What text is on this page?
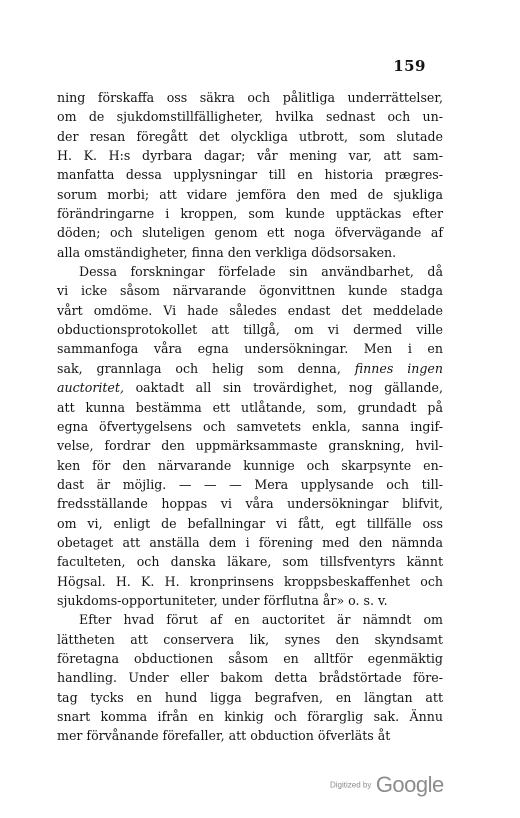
159
ning förskaffa oss säkra och pålitliga underrättelser,
om de sjukdomstillfälligheter, hvilka sednast och un-
der resan föregått det olyckliga utbrott, som slutade
H. K. H:s dyrbara dagar; vår mening var, att sam-
manfatta dessa upplysningar till en historia prægres-
sorum morbi; att vidare jemföra den med de sjukliga
förändringarne i kroppen, som kunde upptäckas efter
döden; och sluteligen genom ett noga öfvervägande af
alla omständigheter, finna den verkliga dödsorsaken.
Dessa forskningar förfelade sin användbarhet, då
vi icke såsom närvarande ögonvittnen kunde stadga
vårt omdöme. Vi hade således endast det meddelade
obductionsprotokollet att tillgå, om vi dermed ville
sammanfoga våra egna undersökningar. Men i en
sak, grannlaga och helig som denna, finnes ingen
auctoritet, oaktadt all sin trovärdighet, nog gällande,
att kunna bestämma ett utlåtande, som, grundadt på
egna öfvertygelsens och samvetets enkla, sanna ingif-
velse, fordrar den uppmärksammaste granskning, hvil-
ken för den närvarande kunnige och skarpsynte en-
dast är möjlig. — — — Mera upplysande och till-
fredsställande hoppas vi våra undersökningar blifvit,
om vi, enligt de befallningar vi fått, egt tillfälle oss
obetaget att anställa dem i förening med den nämnda
faculteten, och danska läkare, som tillsfventyrs kännt
Högsal. H. K. H. kronprinsens kroppsbeskaffenhet och
sjukdoms-opportuniteter, under förflutna år» o. s. v.
Efter hvad förut af en auctoritet är nämndt om
lättheten att conservera lik, synes den skyndsamt
företagna obductionen såsom en alltför egenmäktig
handling. Under eller bakom detta brådstörtade före-
tag tycks en hund ligga begrafven, en längtan att
snart komma ifrån en kinkig och förarglig sak. Ännu
mer förvånande förefaller, att obduction öfverläts åt
Digitized by Google
